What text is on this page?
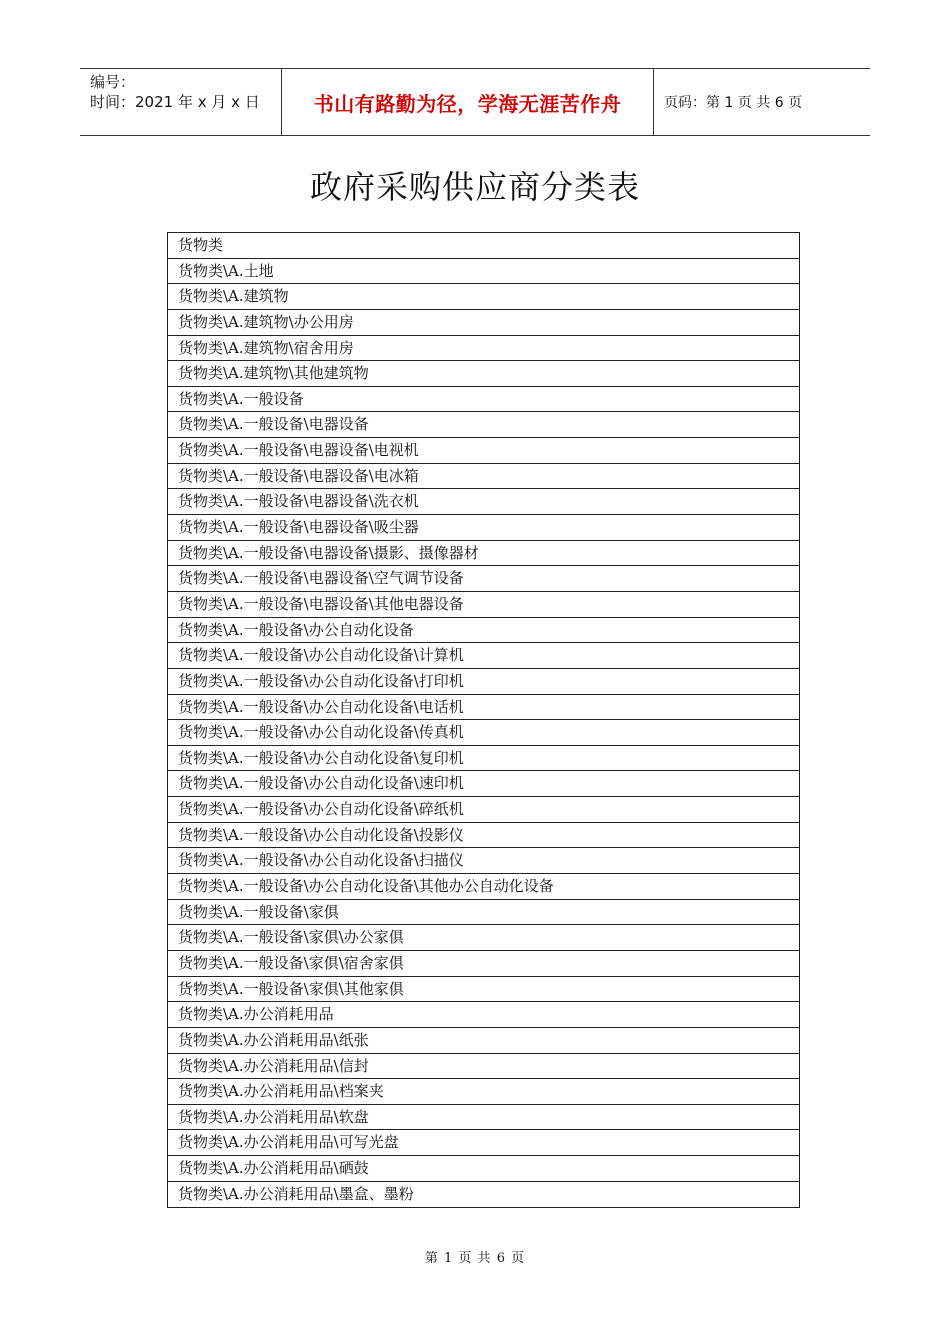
编号：
时间：2021 年 x 月 x 日	书山有路勤为径，学海无涯苦作舟	页码：第 1 页 共 6 页
政府采购供应商分类表
货物类
货物类\A.土地
货物类\A.建筑物
货物类\A.建筑物\办公用房
货物类\A.建筑物\宿舍用房
货物类\A.建筑物\其他建筑物
货物类\A.一般设备
货物类\A.一般设备\电器设备
货物类\A.一般设备\电器设备\电视机
货物类\A.一般设备\电器设备\电冰箱
货物类\A.一般设备\电器设备\洗衣机
货物类\A.一般设备\电器设备\吸尘器
货物类\A.一般设备\电器设备\摄影、摄像器材
货物类\A.一般设备\电器设备\空气调节设备
货物类\A.一般设备\电器设备\其他电器设备
货物类\A.一般设备\办公自动化设备
货物类\A.一般设备\办公自动化设备\计算机
货物类\A.一般设备\办公自动化设备\打印机
货物类\A.一般设备\办公自动化设备\电话机
货物类\A.一般设备\办公自动化设备\传真机
货物类\A.一般设备\办公自动化设备\复印机
货物类\A.一般设备\办公自动化设备\速印机
货物类\A.一般设备\办公自动化设备\碎纸机
货物类\A.一般设备\办公自动化设备\投影仪
货物类\A.一般设备\办公自动化设备\扫描仪
货物类\A.一般设备\办公自动化设备\其他办公自动化设备
货物类\A.一般设备\家俱
货物类\A.一般设备\家俱\办公家俱
货物类\A.一般设备\家俱\宿舍家俱
货物类\A.一般设备\家俱\其他家俱
货物类\A.办公消耗用品
货物类\A.办公消耗用品\纸张
货物类\A.办公消耗用品\信封
货物类\A.办公消耗用品\档案夹
货物类\A.办公消耗用品\软盘
货物类\A.办公消耗用品\可写光盘
货物类\A.办公消耗用品\硒鼓
货物类\A.办公消耗用品\墨盒、墨粉
第 1 页 共 6 页
